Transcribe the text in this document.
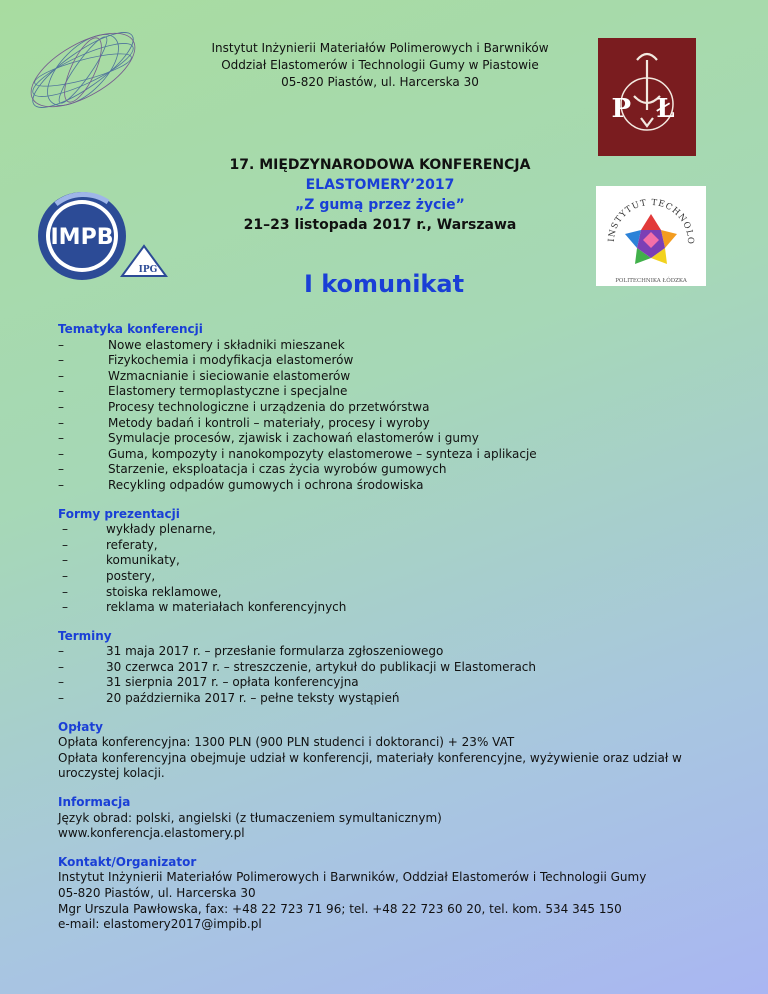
Instytut Inżynierii Materiałów Polimerowych i Barwników
Oddział Elastomerów i Technologii Gumy w Piastowie
05-820 Piastów, ul. Harcerska 30
P Ł
17. MIĘDZYNARODOWA KONFERENCJA
ELASTOMERY’2017
„Z gumą przez życie”
21–23 listopada 2017 r., Warszawa
IMPB
IPG	I komunikat
INSTYTUT TECHNOLO
POLITECHNIKA ŁÓDZKA
Tematyka konferencji
–	Nowe elastomery i składniki mieszanek
–	Fizykochemia i modyfikacja elastomerów
–	Wzmacnianie i sieciowanie elastomerów
–	Elastomery termoplastyczne i specjalne
–	Procesy technologiczne i urządzenia do przetwórstwa
–	Metody badań i kontroli – materiały, procesy i wyroby
–	Symulacje procesów, zjawisk i zachowań elastomerów i gumy
–	Guma, kompozyty i nanokompozyty elastomerowe – synteza i aplikacje
–	Starzenie, eksploatacja i czas życia wyrobów gumowych
–	Recykling odpadów gumowych i ochrona środowiska
Formy prezentacji
–	wykłady plenarne,
–	referaty,
–	komunikaty,
–	postery,
–	stoiska reklamowe,
–	reklama w materiałach konferencyjnych
Terminy
–	31 maja 2017 r. – przesłanie formularza zgłoszeniowego
–	30 czerwca 2017 r. – streszczenie, artykuł do publikacji w Elastomerach
–	31 sierpnia 2017 r. – opłata konferencyjna
–	20 października 2017 r. – pełne teksty wystąpień
Opłaty
Opłata konferencyjna: 1300 PLN (900 PLN studenci i doktoranci) + 23% VAT
Opłata konferencyjna obejmuje udział w konferencji, materiały konferencyjne, wyżywienie oraz udział w uroczystej kolacji.
Informacja
Język obrad: polski, angielski (z tłumaczeniem symultanicznym)
www.konferencja.elastomery.pl
Kontakt/Organizator
Instytut Inżynierii Materiałów Polimerowych i Barwników, Oddział Elastomerów i Technologii Gumy
05-820 Piastów, ul. Harcerska 30
Mgr Urszula Pawłowska, fax: +48 22 723 71 96; tel. +48 22 723 60 20, tel. kom. 534 345 150
e-mail: elastomery2017@impib.pl
